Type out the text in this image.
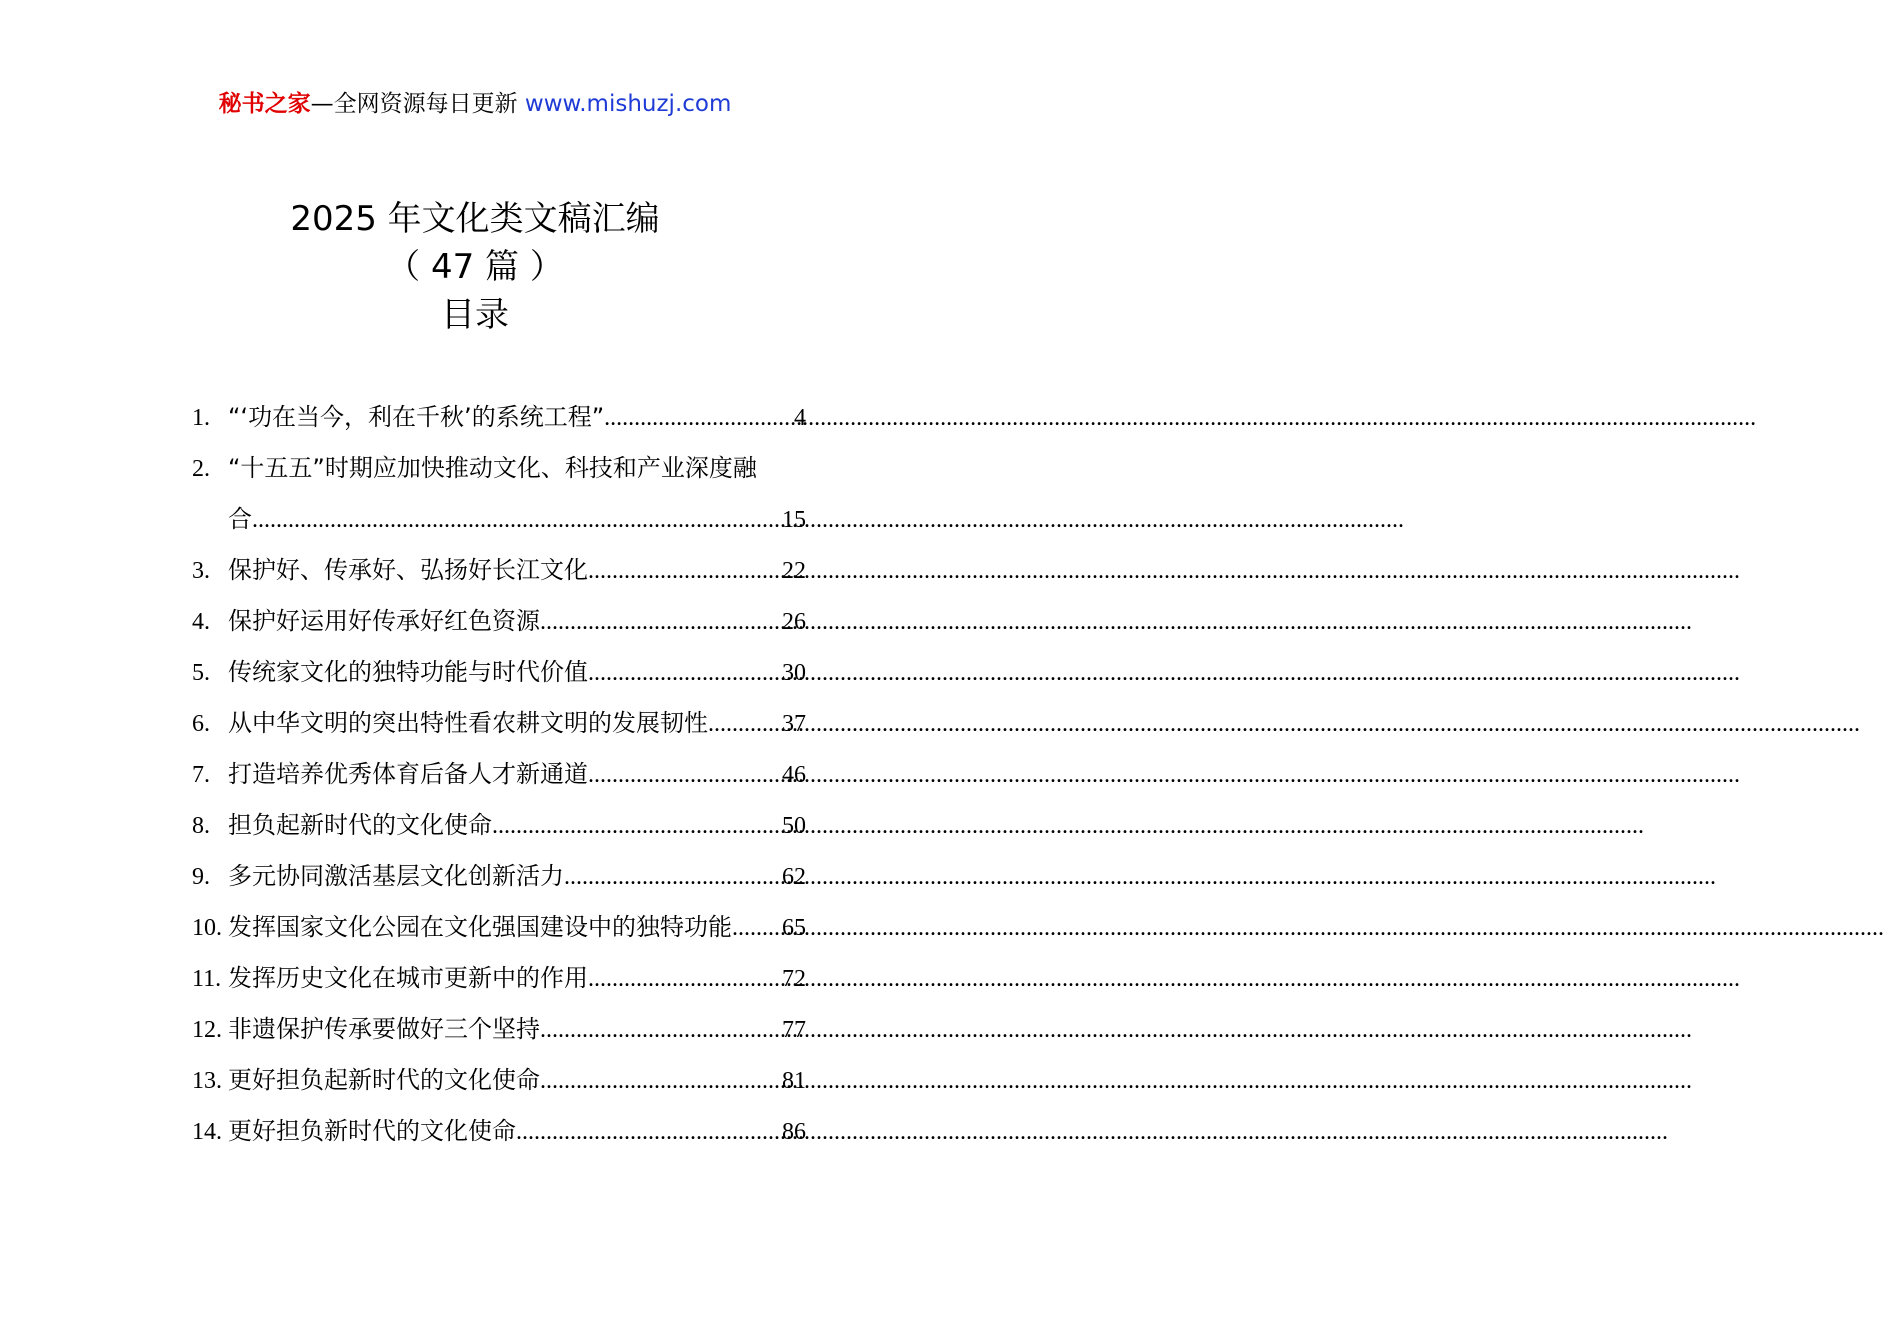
秘书之家—全网资源每日更新 www.mishuzj.com
2025 年文化类文稿汇编
（ 47 篇 ）
目录
1. “‘功在当今，利在千秋’的系统工程” .....	4
2. “十五五”时期应加快推动文化、科技和产业深度融
合 .....	15
3. 保护好、传承好、弘扬好长江文化 .....	22
4. 保护好运用好传承好红色资源 .....	26
5. 传统家文化的独特功能与时代价值 .....	30
6. 从中华文明的突出特性看农耕文明的发展韧性 .....	37
7. 打造培养优秀体育后备人才新通道 .....	46
8. 担负起新时代的文化使命 .....	50
9. 多元协同激活基层文化创新活力 .....	62
10. 发挥国家文化公园在文化强国建设中的独特功能 ..... 65
11. 发挥历史文化在城市更新中的作用 .....	72
12. 非遗保护传承要做好三个坚持 .....	77
13. 更好担负起新时代的文化使命 .....	81
14. 更好担负新时代的文化使命 .....	86
